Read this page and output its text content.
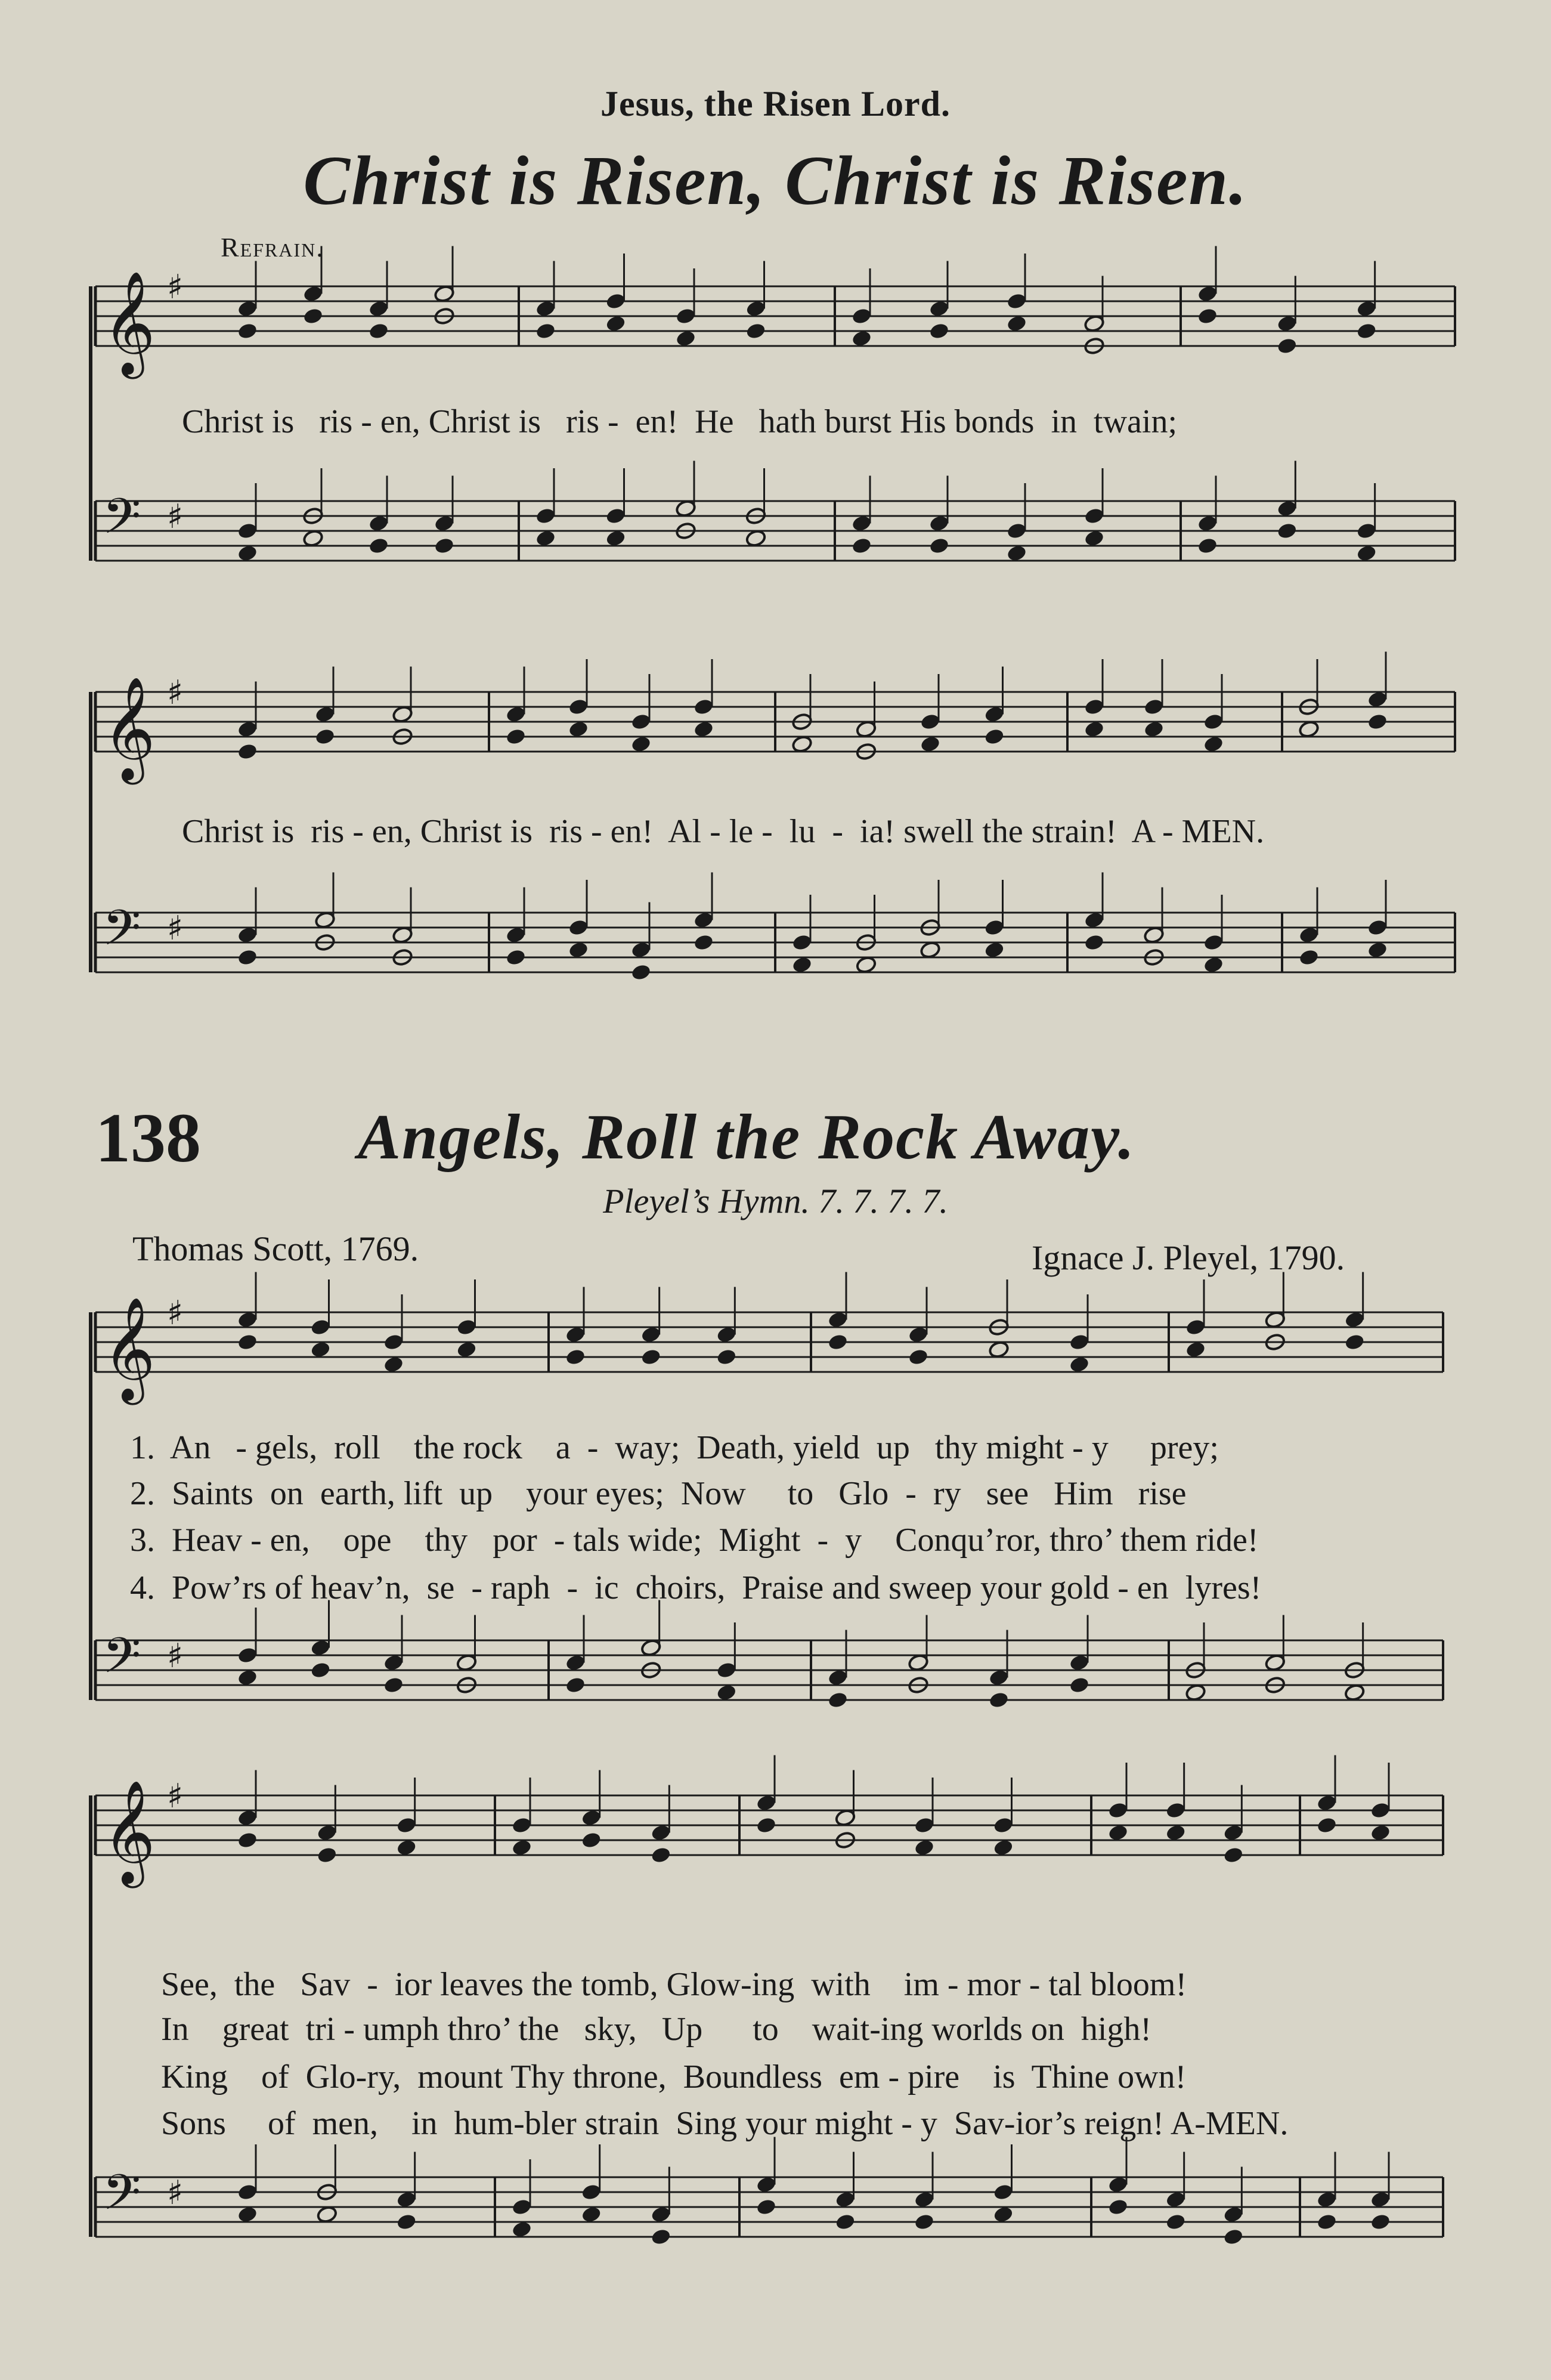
Jesus, the Risen Lord.
Christ is Risen, Christ is Risen.
Refrain.
𝄞 ♯
𝄢 ♯
𝄞 ♯
𝄢 ♯
𝄞 ♯
𝄢 ♯
𝄞 ♯
𝄢 ♯
Christ is   ris - en, Christ is   ris -  en!  He   hath burst His bonds  in  twain;
Christ is  ris - en, Christ is  ris - en!  Al - le -  lu  -  ia! swell the strain!  A - MEN.
138 Angels, Roll the Rock Away.
Pleyel’s Hymn. 7. 7. 7. 7.
Thomas Scott, 1769.	Ignace J. Pleyel, 1790.
1.  An   - gels,  roll    the rock    a  -  way;  Death, yield  up   thy might - y     prey;
2.  Saints  on  earth, lift  up    your eyes;  Now     to   Glo  -  ry   see   Him   rise
3.  Heav - en,    ope    thy   por  - tals wide;  Might  -  y    Conqu’ror, thro’ them ride!
4.  Pow’rs of heav’n,  se  - raph  -  ic  choirs,  Praise and sweep your gold - en  lyres!
See,  the   Sav  -  ior leaves the tomb, Glow-ing  with    im - mor - tal bloom!
In    great  tri - umph thro’ the   sky,   Up      to    wait-ing worlds on  high!
King    of  Glo-ry,  mount Thy throne,  Boundless  em - pire    is  Thine own!
Sons     of  men,    in  hum-bler strain  Sing your might - y  Sav-ior’s reign! A-MEN.
